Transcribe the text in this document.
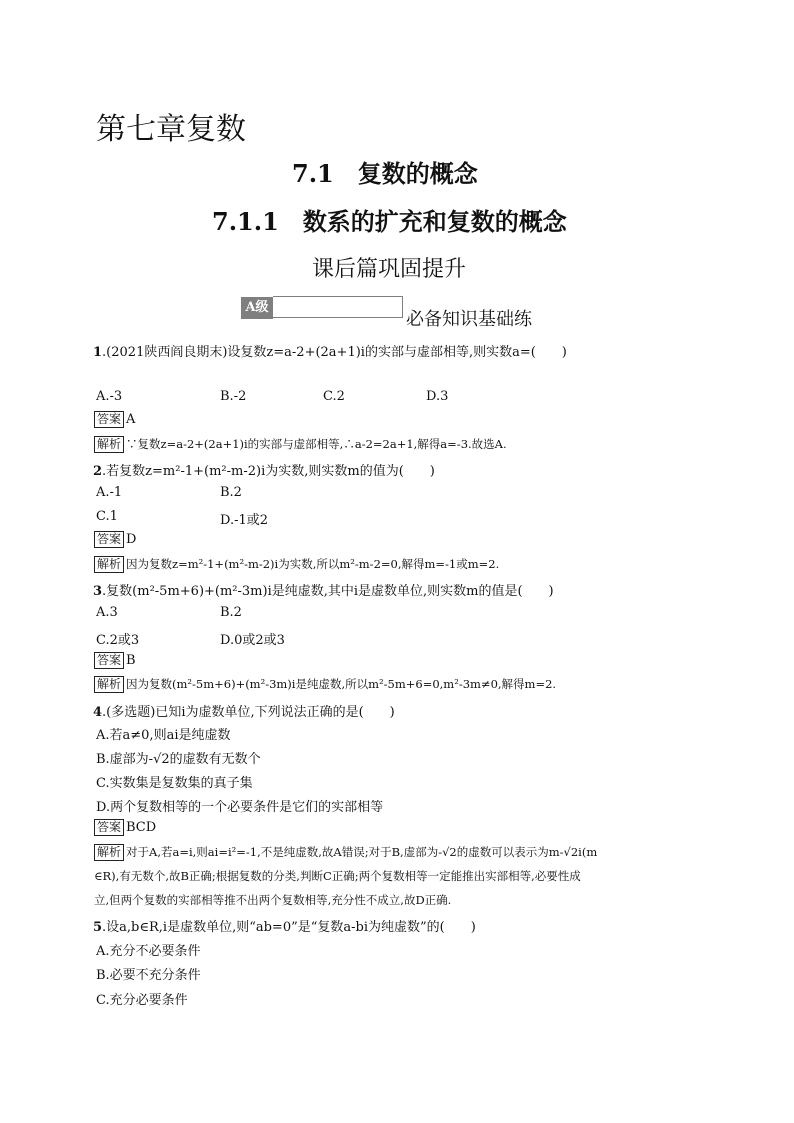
第七章复数
7.1　复数的概念
7.1.1　数系的扩充和复数的概念
课后篇巩固提升
A级
必备知识基础练
1.(2021陕西阎良期末)设复数z=a-2+(2a+1)i的实部与虚部相等,则实数a=(　　)
A.-3	B.-2	C.2	D.3
答案 A
解析 ∵复数z=a-2+(2a+1)i的实部与虚部相等,∴a-2=2a+1,解得a=-3.故选A.
2.若复数z=m²-1+(m²-m-2)i为实数,则实数m的值为(　　)
A.-1	B.2
C.1	D.-1或2
答案 D
解析 因为复数z=m²-1+(m²-m-2)i为实数,所以m²-m-2=0,解得m=-1或m=2.
3.复数(m²-5m+6)+(m²-3m)i是纯虚数,其中i是虚数单位,则实数m的值是(　　)
A.3	B.2
C.2或3	D.0或2或3
答案 B
解析 因为复数(m²-5m+6)+(m²-3m)i是纯虚数,所以m²-5m+6=0,m²-3m≠0,解得m=2.
4.(多选题)已知i为虚数单位,下列说法正确的是(　　)
A.若a≠0,则ai是纯虚数
B.虚部为-√2的虚数有无数个
C.实数集是复数集的真子集
D.两个复数相等的一个必要条件是它们的实部相等
答案 BCD
解析 对于A,若a=i,则ai=i²=-1,不是纯虚数,故A错误;对于B,虚部为-√2的虚数可以表示为m-√2i(m
∈R),有无数个,故B正确;根据复数的分类,判断C正确;两个复数相等一定能推出实部相等,必要性成
立,但两个复数的实部相等推不出两个复数相等,充分性不成立,故D正确.
5.设a,b∈R,i是虚数单位,则“ab=0”是“复数a-bi为纯虚数”的(　　)
A.充分不必要条件
B.必要不充分条件
C.充分必要条件
